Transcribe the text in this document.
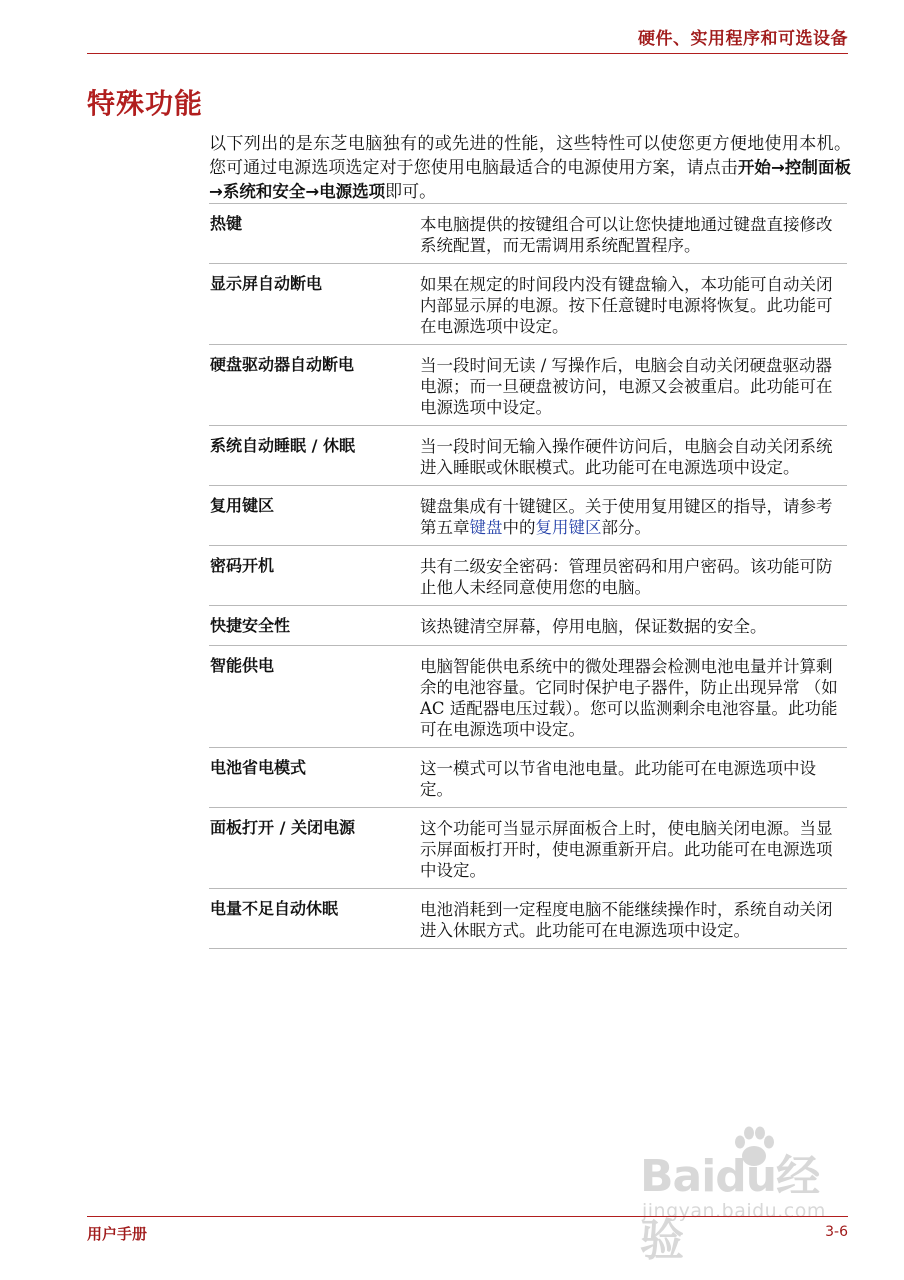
硬件、实用程序和可选设备
特殊功能
以下列出的是东芝电脑独有的或先进的性能，这些特性可以使您更方便地使用本机。您可通过电源选项选定对于您使用电脑最适合的电源使用方案，请点击开始→控制面板→系统和安全→电源选项即可。
热键	本电脑提供的按键组合可以让您快捷地通过键盘直接修改系统配置，而无需调用系统配置程序。
显示屏自动断电	如果在规定的时间段内没有键盘输入，本功能可自动关闭内部显示屏的电源。按下任意键时电源将恢复。此功能可在电源选项中设定。
硬盘驱动器自动断电	当一段时间无读 / 写操作后，电脑会自动关闭硬盘驱动器电源；而一旦硬盘被访问，电源又会被重启。此功能可在电源选项中设定。
系统自动睡眠 / 休眠	当一段时间无输入操作硬件访问后，电脑会自动关闭系统进入睡眠或休眠模式。此功能可在电源选项中设定。
复用键区	键盘集成有十键键区。关于使用复用键区的指导，请参考第五章键盘中的复用键区部分。
密码开机	共有二级安全密码：管理员密码和用户密码。该功能可防止他人未经同意使用您的电脑。
快捷安全性	该热键清空屏幕，停用电脑，保证数据的安全。
智能供电	电脑智能供电系统中的微处理器会检测电池电量并计算剩余的电池容量。它同时保护电子器件，防止出现异常 （如 AC 适配器电压过载）。您可以监测剩余电池容量。此功能可在电源选项中设定。
电池省电模式	这一模式可以节省电池电量。此功能可在电源选项中设定。
面板打开 / 关闭电源	这个功能可当显示屏面板合上时，使电脑关闭电源。当显示屏面板打开时，使电源重新开启。此功能可在电源选项中设定。
电量不足自动休眠	电池消耗到一定程度电脑不能继续操作时，系统自动关闭进入休眠方式。此功能可在电源选项中设定。
Baidu经验
jingyan.baidu.com
用户手册	3-6
